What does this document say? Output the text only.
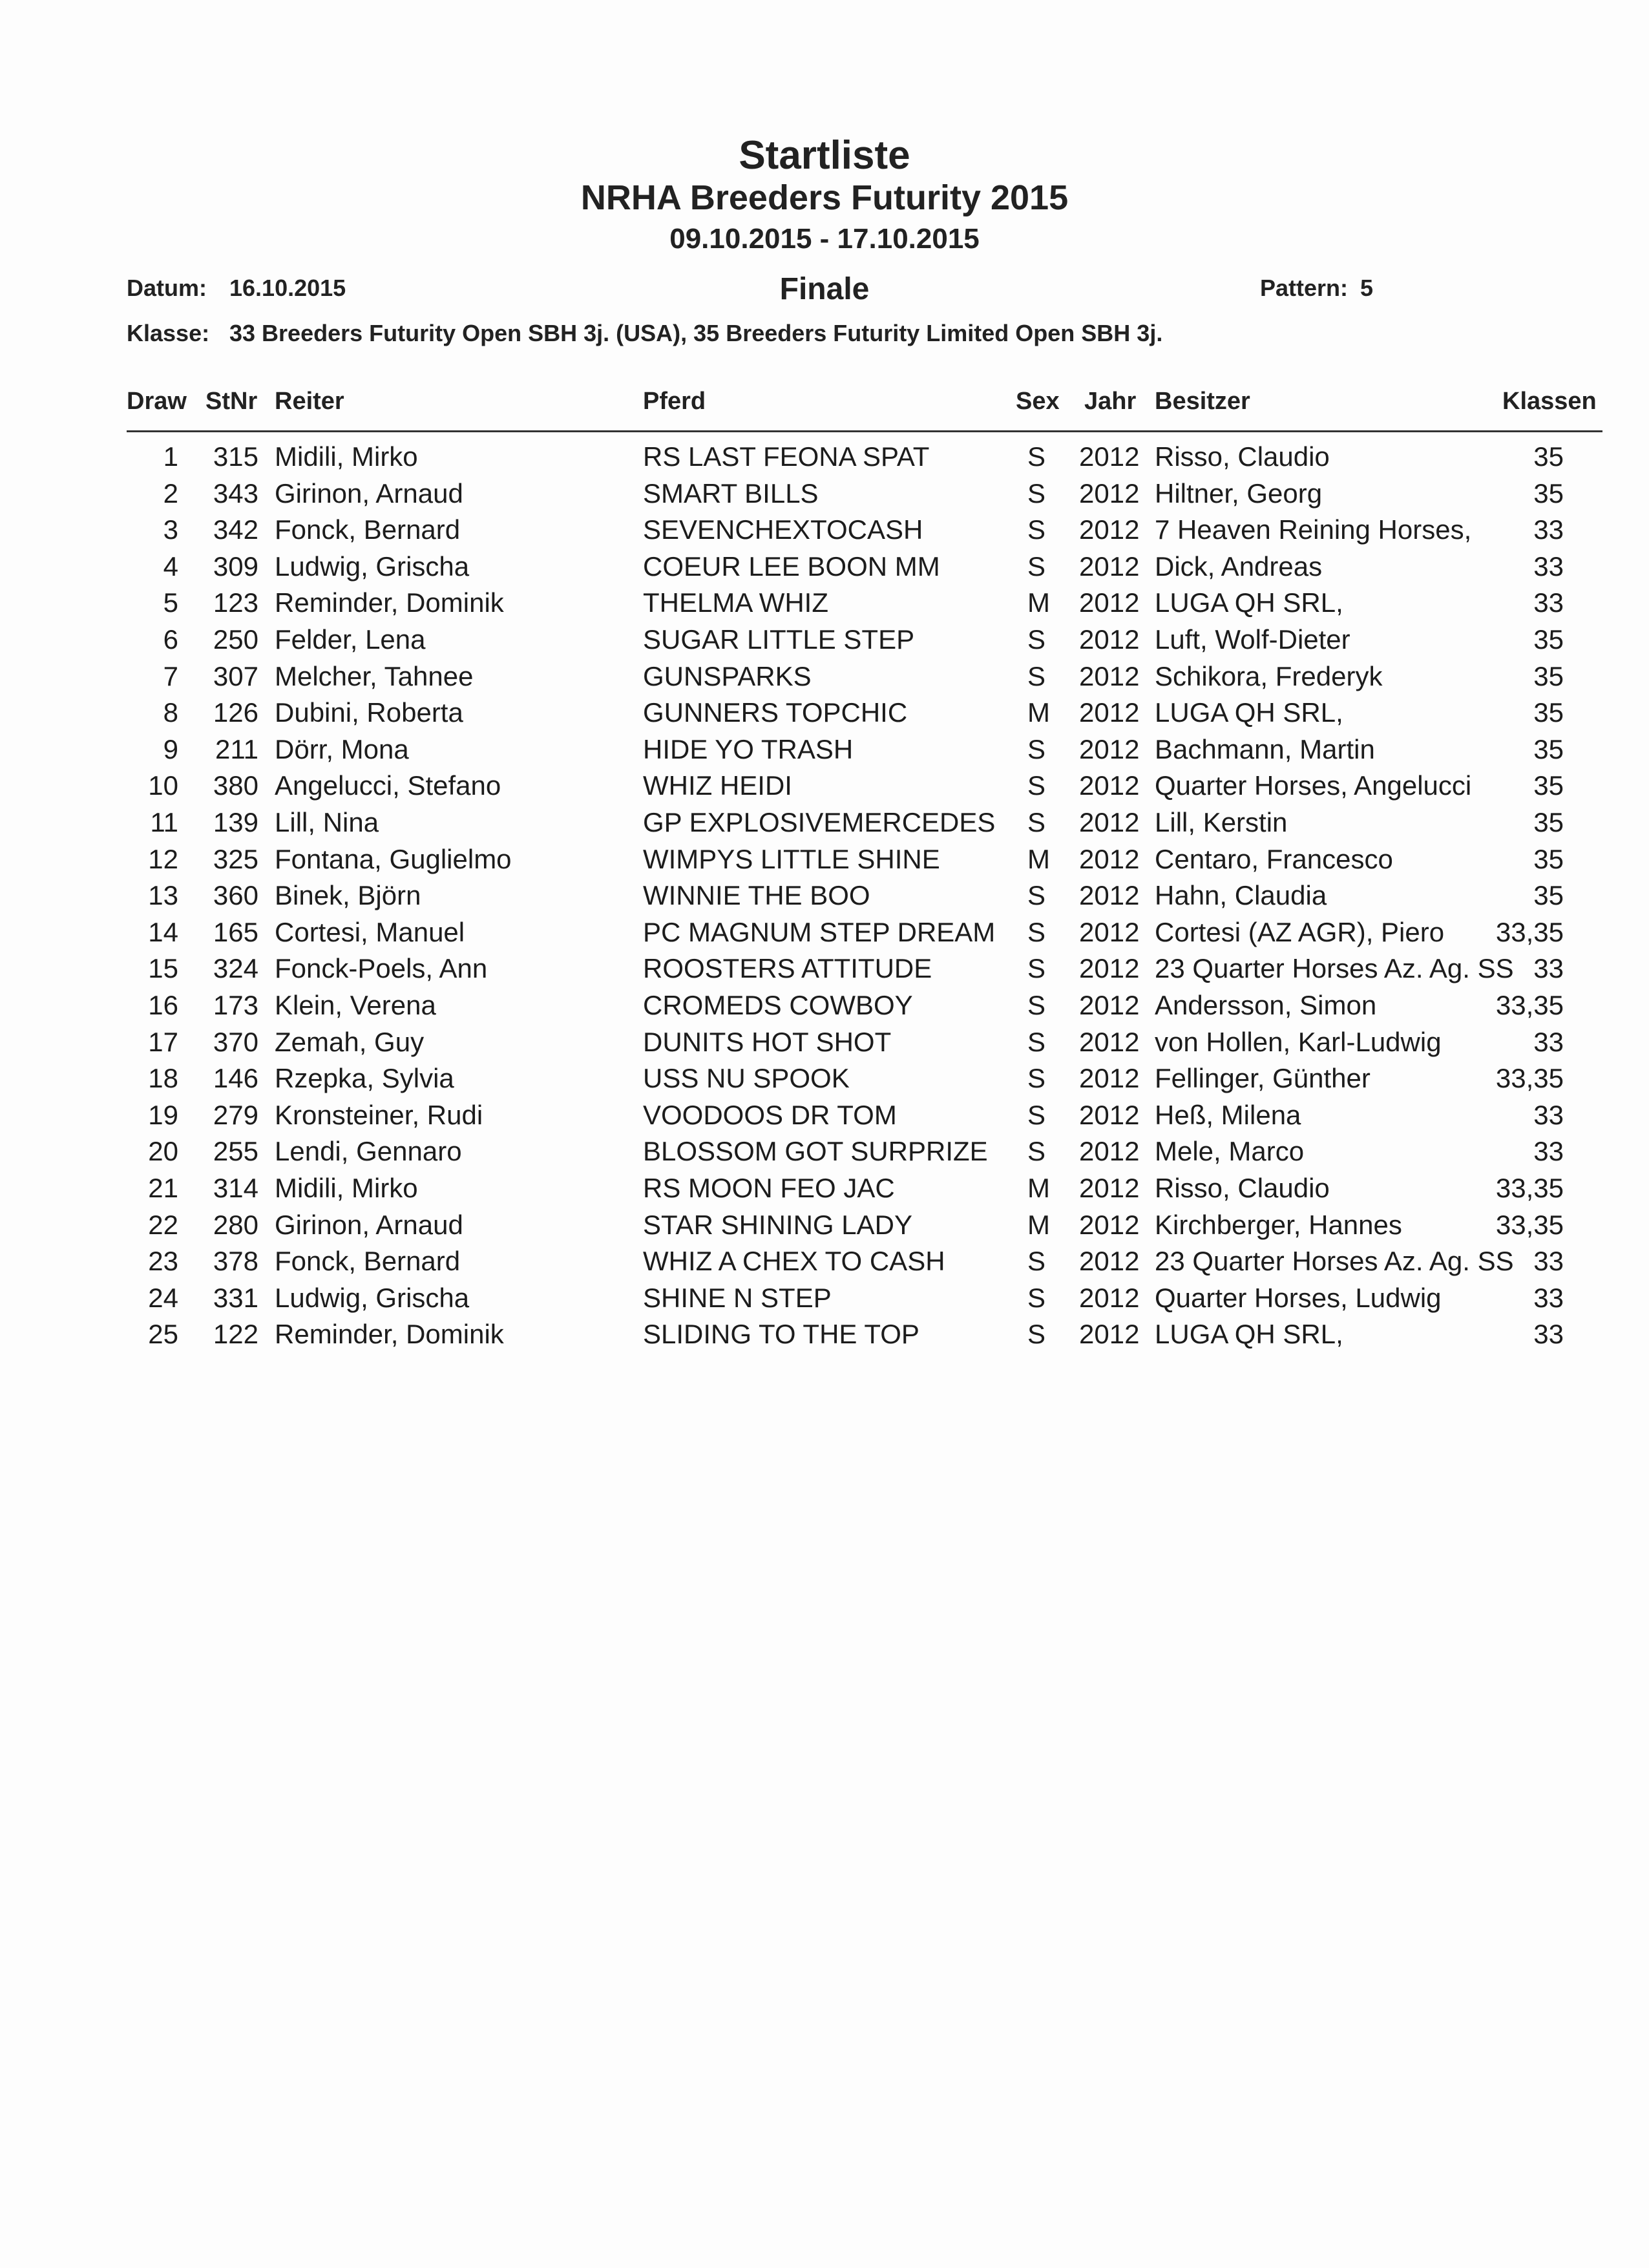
Startliste
NRHA Breeders Futurity 2015
09.10.2015 - 17.10.2015
Datum: 16.10.2015	Finale	Pattern: 5
Klasse: 33 Breeders Futurity Open SBH 3j. (USA), 35 Breeders Futurity Limited Open SBH 3j.
Draw StNr Reiter	Pferd	Sex Jahr Besitzer	Klassen
1	315 Midili, Mirko	RS LAST FEONA SPAT	S 2012 Risso, Claudio	35
2	343 Girinon, Arnaud	SMART BILLS	S 2012 Hiltner, Georg	35
3	342 Fonck, Bernard	SEVENCHEXTOCASH	S 2012 7 Heaven Reining Horses,	33
4	309 Ludwig, Grischa	COEUR LEE BOON MM	S 2012 Dick, Andreas	33
5	123 Reminder, Dominik	THELMA WHIZ	M 2012 LUGA QH SRL,	33
6	250 Felder, Lena	SUGAR LITTLE STEP	S 2012 Luft, Wolf-Dieter	35
7	307 Melcher, Tahnee	GUNSPARKS	S 2012 Schikora, Frederyk	35
8	126 Dubini, Roberta	GUNNERS TOPCHIC	M 2012 LUGA QH SRL,	35
9	211 Dörr, Mona	HIDE YO TRASH	S 2012 Bachmann, Martin	35
10	380 Angelucci, Stefano	WHIZ HEIDI	S 2012 Quarter Horses, Angelucci	35
11	139 Lill, Nina	GP EXPLOSIVEMERCEDES S 2012 Lill, Kerstin	35
12	325 Fontana, Guglielmo	WIMPYS LITTLE SHINE	M 2012 Centaro, Francesco	35
13	360 Binek, Björn	WINNIE THE BOO	S 2012 Hahn, Claudia	35
14	165 Cortesi, Manuel	PC MAGNUM STEP DREAM S 2012 Cortesi (AZ AGR), Piero	33,35
15	324 Fonck-Poels, Ann	ROOSTERS ATTITUDE	S 2012 23 Quarter Horses Az. Ag. SS 33
16	173 Klein, Verena	CROMEDS COWBOY	S 2012 Andersson, Simon	33,35
17	370 Zemah, Guy	DUNITS HOT SHOT	S 2012 von Hollen, Karl-Ludwig	33
18	146 Rzepka, Sylvia	USS NU SPOOK	S 2012 Fellinger, Günther	33,35
19	279 Kronsteiner, Rudi	VOODOOS DR TOM	S 2012 Heß, Milena	33
20	255 Lendi, Gennaro	BLOSSOM GOT SURPRIZE S 2012 Mele, Marco	33
21	314 Midili, Mirko	RS MOON FEO JAC	M 2012 Risso, Claudio	33,35
22	280 Girinon, Arnaud	STAR SHINING LADY	M 2012 Kirchberger, Hannes	33,35
23	378 Fonck, Bernard	WHIZ A CHEX TO CASH	S 2012 23 Quarter Horses Az. Ag. SS 33
24	331 Ludwig, Grischa	SHINE N STEP	S 2012 Quarter Horses, Ludwig	33
25	122 Reminder, Dominik	SLIDING TO THE TOP	S 2012 LUGA QH SRL,	33
